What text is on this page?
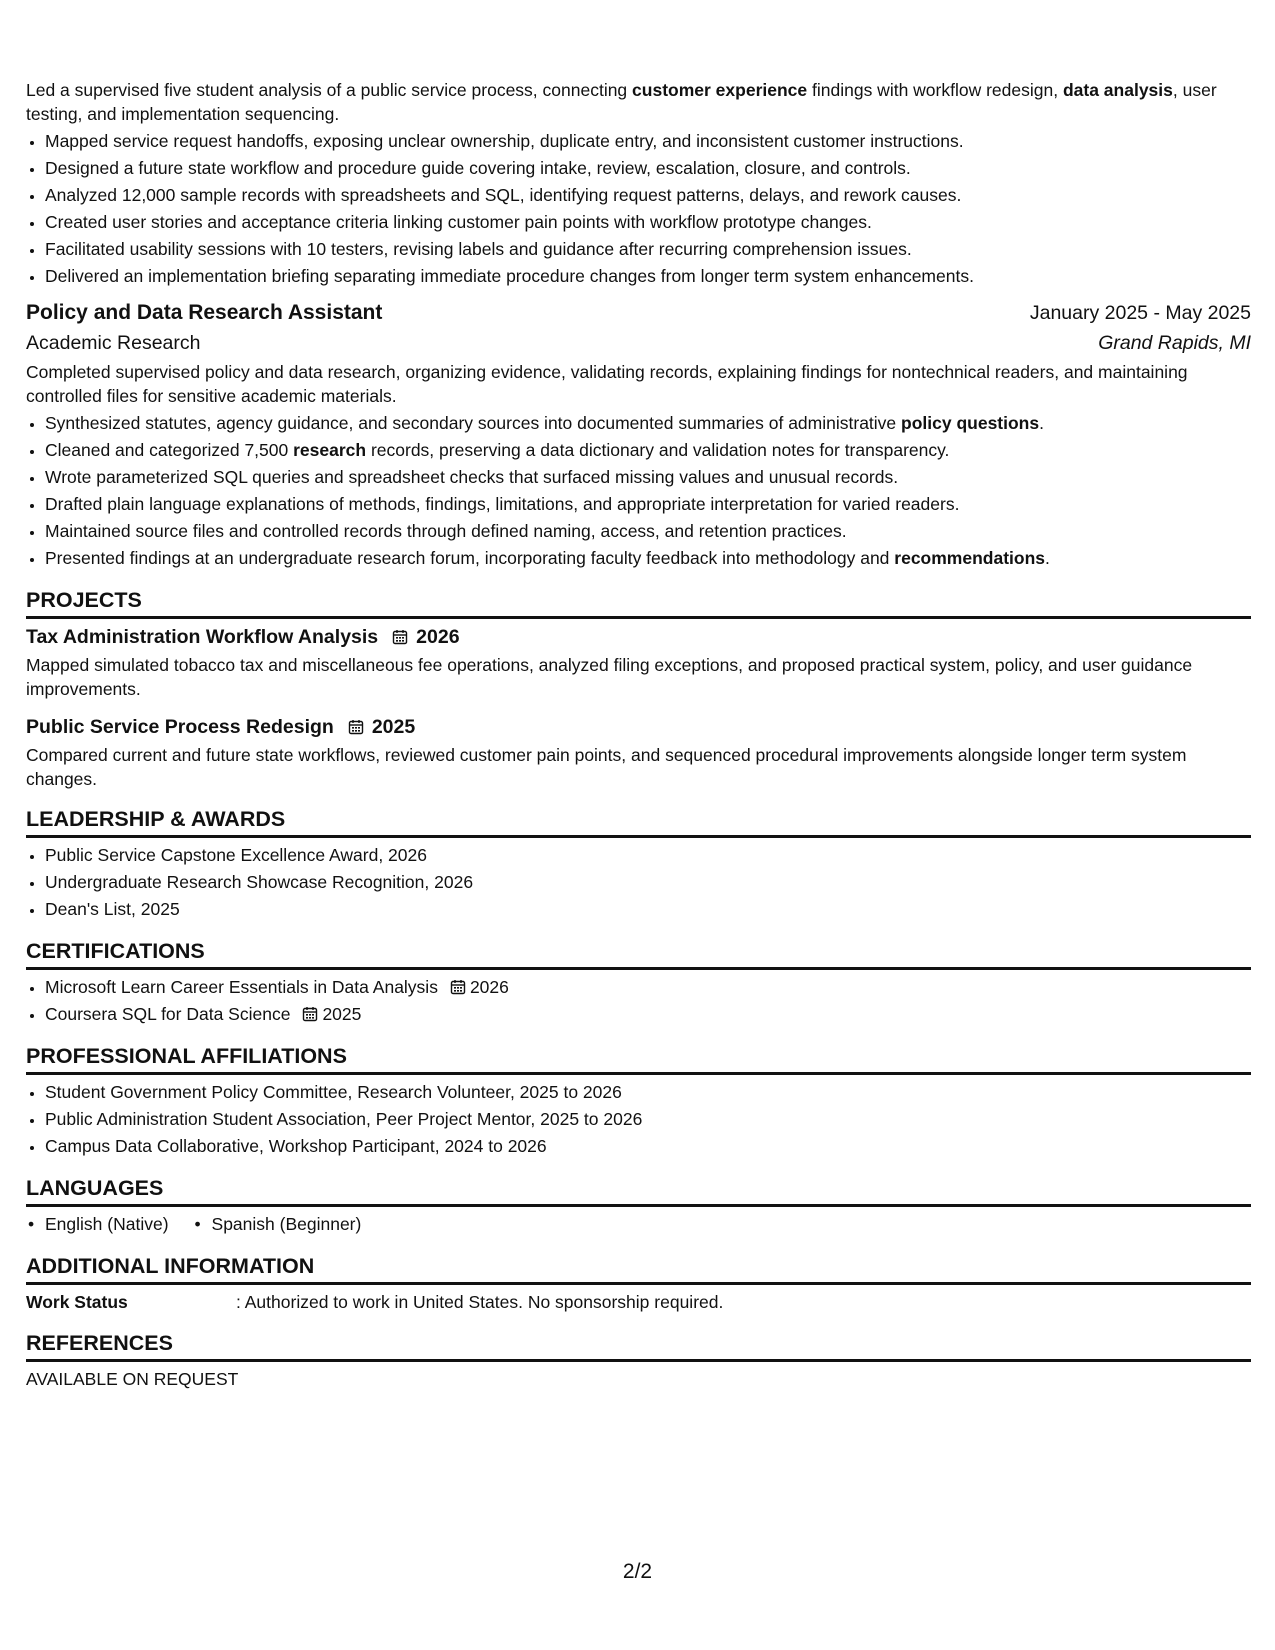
Led a supervised five student analysis of a public service process, connecting customer experience findings with workflow redesign, data analysis, user testing, and implementation sequencing.

• Mapped service request handoffs, exposing unclear ownership, duplicate entry, and inconsistent customer instructions.
• Designed a future state workflow and procedure guide covering intake, review, escalation, closure, and controls.
• Analyzed 12,000 sample records with spreadsheets and SQL, identifying request patterns, delays, and rework causes.
• Created user stories and acceptance criteria linking customer pain points with workflow prototype changes.
• Facilitated usability sessions with 10 testers, revising labels and guidance after recurring comprehension issues.
• Delivered an implementation briefing separating immediate procedure changes from longer term system enhancements.
Policy and Data Research Assistant	January 2025 - May 2025
Academic Research	Grand Rapids, MI

Completed supervised policy and data research, organizing evidence, validating records, explaining findings for nontechnical readers, and maintaining controlled files for sensitive academic materials.

• Synthesized statutes, agency guidance, and secondary sources into documented summaries of administrative policy questions.
• Cleaned and categorized 7,500 research records, preserving a data dictionary and validation notes for transparency.
• Wrote parameterized SQL queries and spreadsheet checks that surfaced missing values and unusual records.
• Drafted plain language explanations of methods, findings, limitations, and appropriate interpretation for varied readers.
• Maintained source files and controlled records through defined naming, access, and retention practices.
• Presented findings at an undergraduate research forum, incorporating faculty feedback into methodology and recommendations.
PROJECTS
Tax Administration Workflow Analysis 2026

Mapped simulated tobacco tax and miscellaneous fee operations, analyzed filing exceptions, and proposed practical system, policy, and user guidance improvements.

Public Service Process Redesign 2025

Compared current and future state workflows, reviewed customer pain points, and sequenced procedural improvements alongside longer term system changes.

LEADERSHIP & AWARDS
• Public Service Capstone Excellence Award, 2026
• Undergraduate Research Showcase Recognition, 2026
• Dean's List, 2025
CERTIFICATIONS
• Microsoft Learn Career Essentials in Data Analysis 2026
• Coursera SQL for Data Science 2025
PROFESSIONAL AFFILIATIONS
• Student Government Policy Committee, Research Volunteer, 2025 to 2026
• Public Administration Student Association, Peer Project Mentor, 2025 to 2026
• Campus Data Collaborative, Workshop Participant, 2024 to 2026
LANGUAGES
• English (Native)
•	Spanish (Beginner)
ADDITIONAL INFORMATION
Work Status	: Authorized to work in United States. No sponsorship required.
REFERENCES
AVAILABLE ON REQUEST
2/2
